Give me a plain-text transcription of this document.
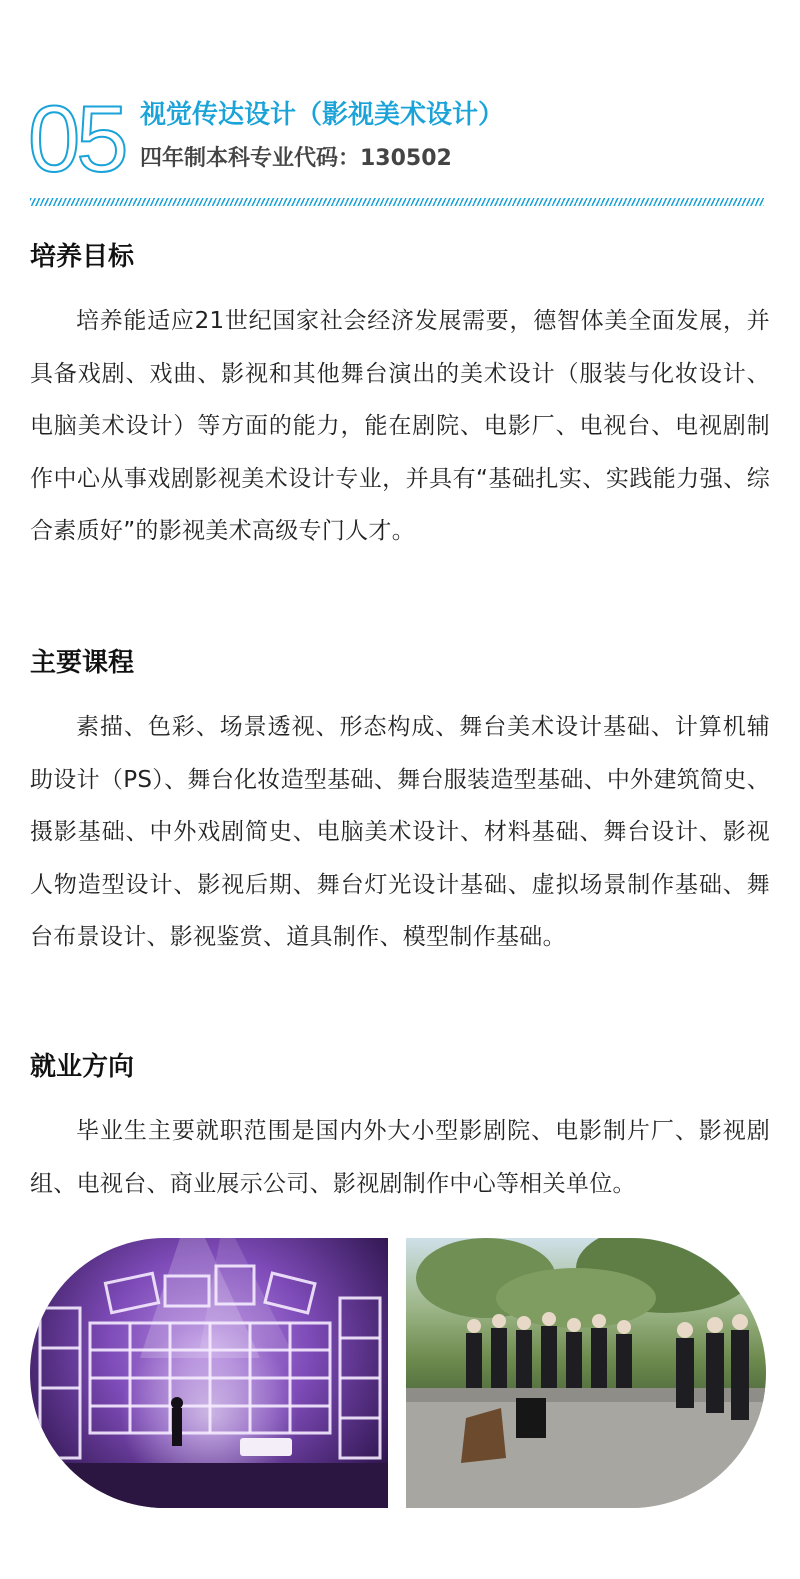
05 视觉传达设计（影视美术设计）
四年制本科专业代码：130502
培养目标

培养能适应21世纪国家社会经济发展需要，德智体美全面发展，并具备戏剧、戏曲、影视和其他舞台演出的美术设计（服装与化妆设计、电脑美术设计）等方面的能力，能在剧院、电影厂、电视台、电视剧制作中心从事戏剧影视美术设计专业，并具有“基础扎实、实践能力强、综合素质好”的影视美术高级专门人才。

主要课程

素描、色彩、场景透视、形态构成、舞台美术设计基础、计算机辅助设计（PS）、舞台化妆造型基础、舞台服装造型基础、中外建筑简史、摄影基础、中外戏剧简史、电脑美术设计、材料基础、舞台设计、影视人物造型设计、影视后期、舞台灯光设计基础、虚拟场景制作基础、舞台布景设计、影视鉴赏、道具制作、模型制作基础。

就业方向

毕业生主要就职范围是国内外大小型影剧院、电影制片厂、影视剧组、电视台、商业展示公司、影视剧制作中心等相关单位。
